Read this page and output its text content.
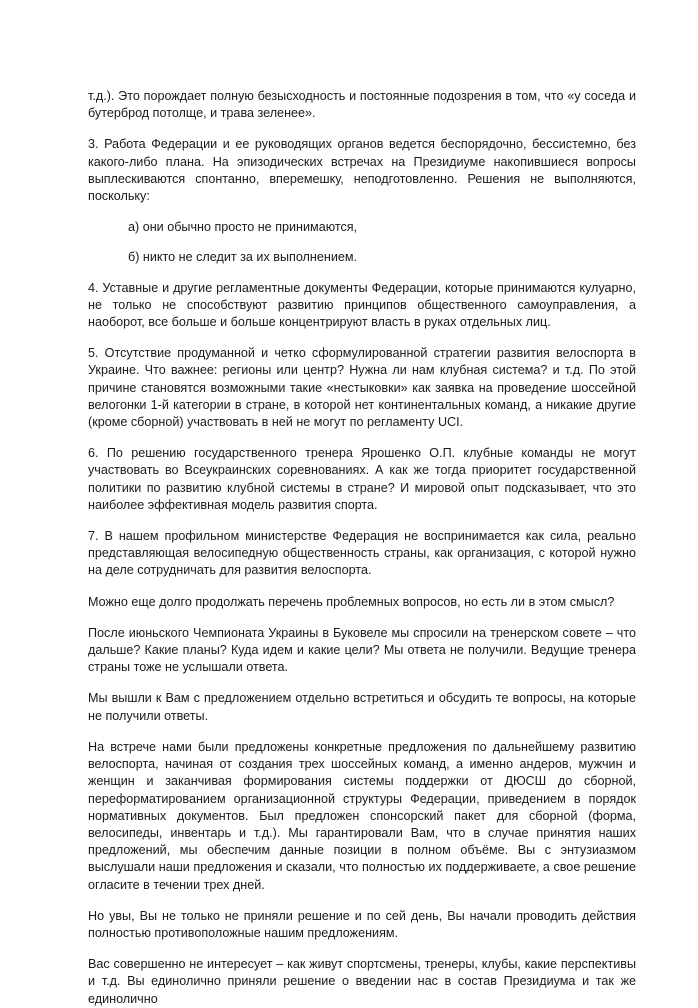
т.д.). Это порождает полную безысходность и постоянные подозрения в том, что «у соседа и бутерброд потолще, и трава зеленее».

3. Работа Федерации и ее руководящих органов ведется беспорядочно, бессистемно, без какого-либо плана. На эпизодических встречах на Президиуме накопившиеся вопросы выплескиваются спонтанно, вперемешку, неподготовленно. Решения не выполняются, поскольку:

а) они обычно просто не принимаются,

б) никто не следит за их выполнением.

4. Уставные и другие регламентные документы Федерации, которые принимаются кулуарно, не только не способствуют развитию принципов общественного самоуправления, а наоборот, все больше и больше концентрируют власть в руках отдельных лиц.

5. Отсутствие продуманной и четко сформулированной стратегии развития велоспорта в Украине. Что важнее: регионы или центр? Нужна ли нам клубная система? и т.д. По этой причине становятся возможными такие «нестыковки» как заявка на проведение шоссейной велогонки 1-й категории в стране, в которой нет континентальных команд, а никакие другие (кроме сборной) участвовать в ней не могут по регламенту UCI.

6. По решению государственного тренера Ярошенко О.П. клубные команды не могут участвовать во Всеукраинских соревнованиях. А как же тогда приоритет государственной политики по развитию клубной системы в стране? И мировой опыт подсказывает, что это наиболее эффективная модель развития спорта.

7. В нашем профильном министерстве Федерация не воспринимается как сила, реально представляющая велосипедную общественность страны, как организация, с которой нужно на деле сотрудничать для развития велоспорта.

Можно еще долго продолжать перечень проблемных вопросов, но есть ли в этом смысл?

После июньского Чемпионата Украины в Буковеле мы спросили на тренерском совете – что дальше? Какие планы? Куда идем и какие цели? Мы ответа не получили. Ведущие тренера страны тоже не услышали ответа.

Мы вышли к Вам с предложением отдельно встретиться и обсудить те вопросы, на которые не получили ответы.

На встрече нами были предложены конкретные предложения по дальнейшему развитию велоспорта, начиная от создания трех шоссейных команд, а именно андеров, мужчин и женщин и заканчивая формирования системы поддержки от ДЮСШ до сборной, переформатированием организационной структуры Федерации, приведением в порядок нормативных документов. Был предложен спонсорский пакет для сборной (форма, велосипеды, инвентарь и т.д.). Мы гарантировали Вам, что в случае принятия наших предложений, мы обеспечим данные позиции в полном объёме. Вы с энтузиазмом выслушали наши предложения и сказали, что полностью их поддерживаете, а свое решение огласите в течении трех дней.

Но увы, Вы не только не приняли решение и по сей день, Вы начали проводить действия полностью противоположные нашим предложениям.

Вас совершенно не интересует – как живут спортсмены, тренеры, клубы, какие перспективы и т.д. Вы единолично приняли решение о введении нас в состав Президиума и так же единолично
